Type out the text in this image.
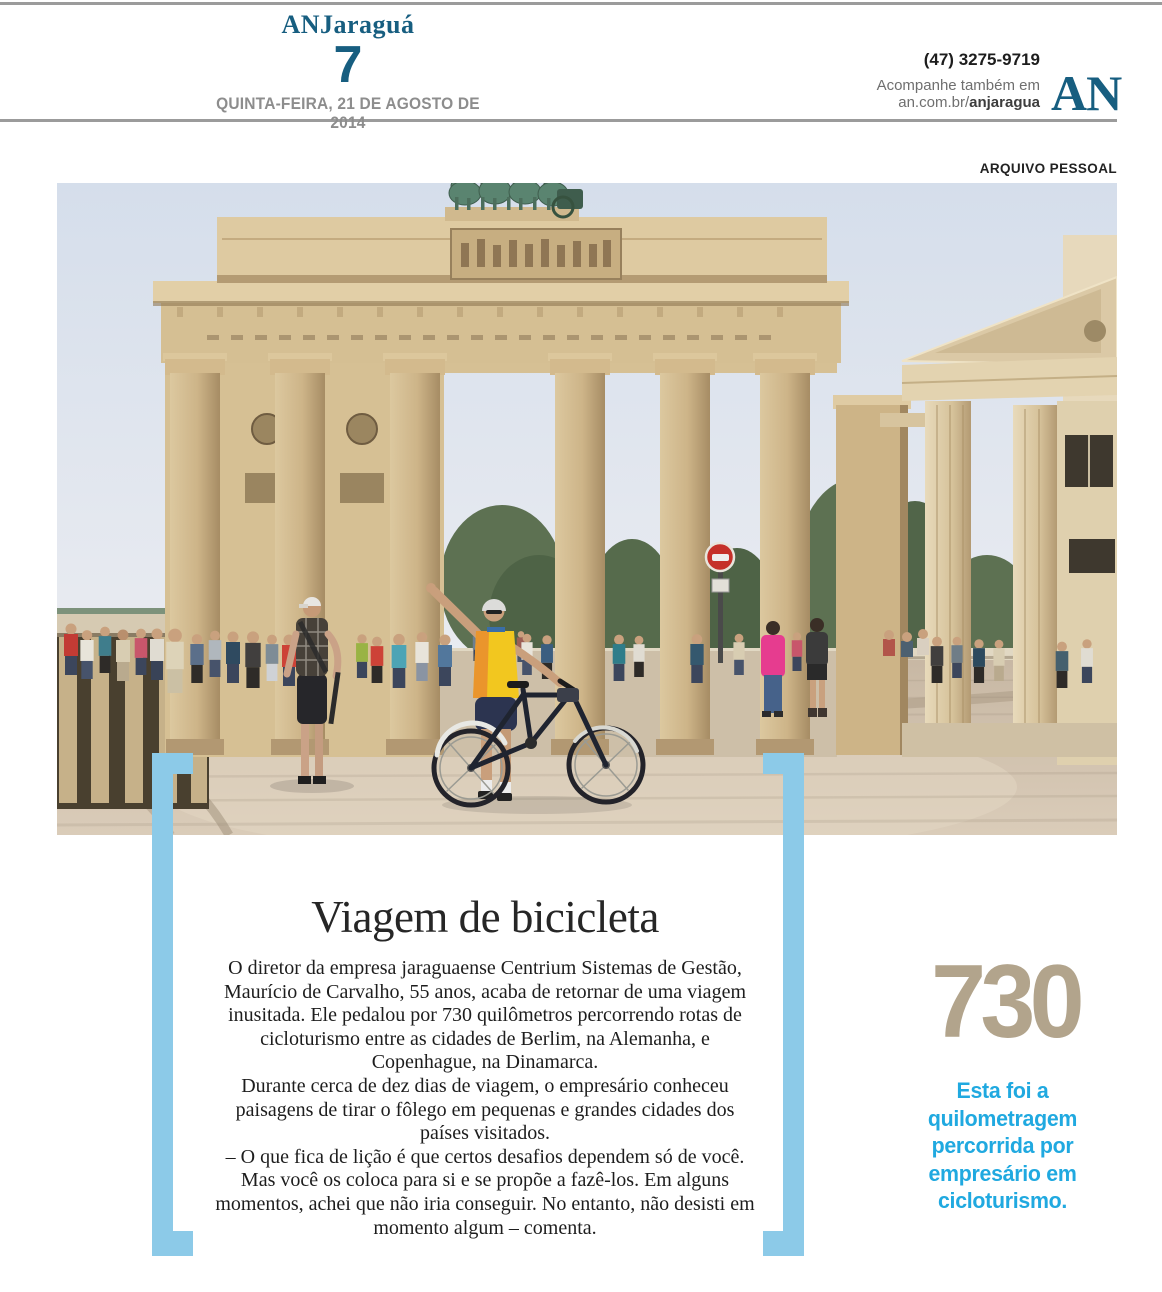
ANJaraguá
7
QUINTA-FEIRA, 21 DE AGOSTO DE 2014
(47) 3275-9719
Acompanhe também em
an.com.br/anjaragua AN
ARQUIVO PESSOAL
Viagem de bicicleta

O diretor da empresa jaraguaense Centrium Sistemas de Gestão, Maurício de Carvalho, 55 anos, acaba de retornar de uma viagem inusitada. Ele pedalou por 730 quilômetros percorrendo rotas de cicloturismo entre as cidades de Berlim, na Alemanha, e Copenhague, na Dinamarca.

Durante cerca de dez dias de viagem, o empresário conheceu paisagens de tirar o fôlego em pequenas e grandes cidades dos países visitados.

– O que fica de lição é que certos desafios dependem só de você. Mas você os coloca para si e se propõe a fazê-los. Em alguns momentos, achei que não iria conseguir. No entanto, não desisti em momento algum – comenta.

730
Esta foi a
quilometragem
percorrida por
empresário em
cicloturismo.
